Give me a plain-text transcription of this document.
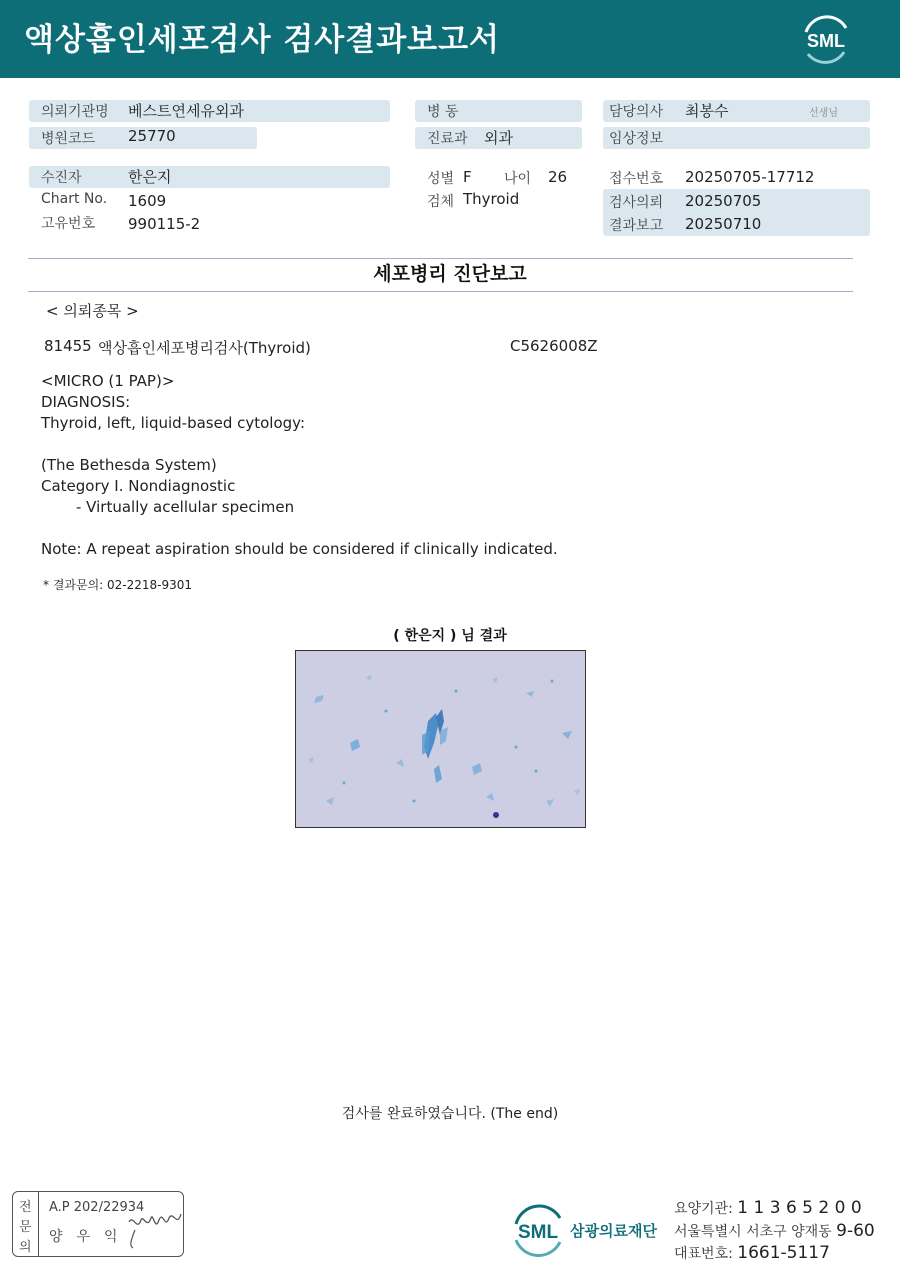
액상흡인세포검사 검사결과보고서	SML
의뢰기관명 베스트연세유외과
병원코드 25770
수진자	한은지
Chart No. 1609
고유번호 990115-2
병 동
진료과 외과
성별 F 나이 26
검체 Thyroid
담당의사 최봉수	선생님
임상정보
접수번호 20250705-17712
검사의뢰 20250705
결과보고 20250710
세포병리 진단보고
< 의뢰종목 >
81455 액상흡인세포병리검사(Thyroid)	C5626008Z
<MICRO (1 PAP)>
DIAGNOSIS:
Thyroid, left, liquid-based cytology:
(The Bethesda System)
Category I. Nondiagnostic
- Virtually acellular specimen
Note: A repeat aspiration should be considered if clinically indicated.
* 결과문의: 02-2218-9301
( 한은지 ) 님 결과
검사를 완료하였습니다. (The end)
전
문
의
A.P 202/22934
양우익	SML 삼광의료재단
요양기관: 1 1 3 6 5 2 0 0
서울특별시 서초구 양재동 9-60
대표번호: 1661-5117
